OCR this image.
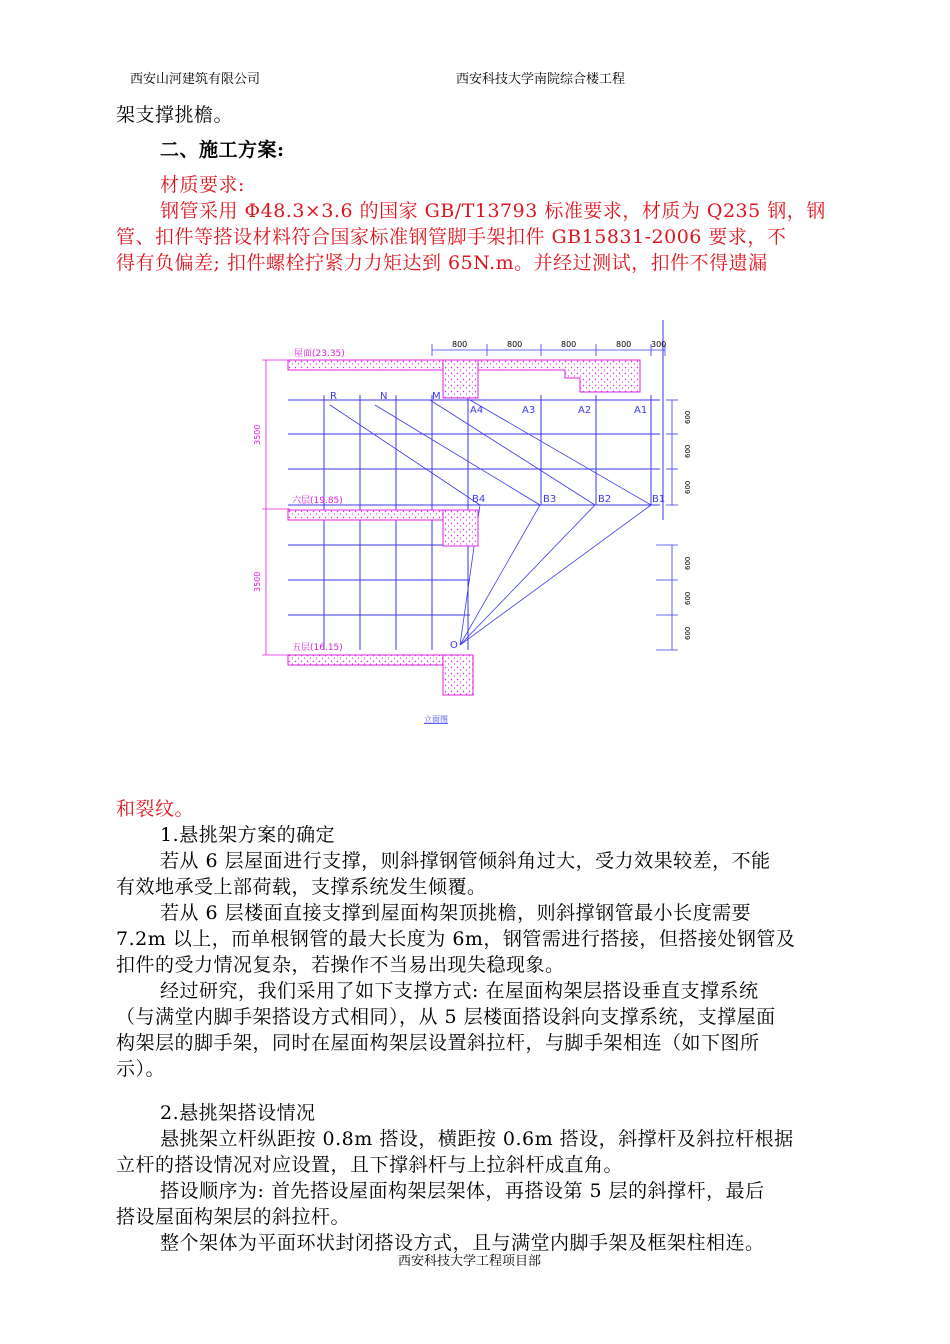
西安山河建筑有限公司	西安科技大学南院综合楼工程
架支撑挑檐。
二、施工方案:
材质要求:
钢管采用 Φ48.3×3.6 的国家 GB/T13793 标准要求，材质为 Q235 钢，钢
管、扣件等搭设材料符合国家标准钢管脚手架扣件 GB15831-2006 要求，不
得有负偏差; 扣件螺栓拧紧力力矩达到 65N.m。并经过测试，扣件不得遗漏
屋面(23.35)
六层(19.85)
五层(16.15)
3500
3500
800	800	800	800 300
600
600
600
600
600
600
R	N	M
A4	A3	A2	A1
B4	B3	B2	B1
O
立面图
和裂纹。
1.悬挑架方案的确定
若从 6 层屋面进行支撑，则斜撑钢管倾斜角过大，受力效果较差，不能
有效地承受上部荷载，支撑系统发生倾覆。
若从 6 层楼面直接支撑到屋面构架顶挑檐，则斜撑钢管最小长度需要
7.2m 以上，而单根钢管的最大长度为 6m，钢管需进行搭接，但搭接处钢管及
扣件的受力情况复杂，若操作不当易出现失稳现象。
经过研究，我们采用了如下支撑方式: 在屋面构架层搭设垂直支撑系统
（与满堂内脚手架搭设方式相同），从 5 层楼面搭设斜向支撑系统，支撑屋面
构架层的脚手架，同时在屋面构架层设置斜拉杆，与脚手架相连（如下图所
示）。
2.悬挑架搭设情况
悬挑架立杆纵距按 0.8m 搭设，横距按 0.6m 搭设，斜撑杆及斜拉杆根据
立杆的搭设情况对应设置，且下撑斜杆与上拉斜杆成直角。
搭设顺序为: 首先搭设屋面构架层架体，再搭设第 5 层的斜撑杆，最后
搭设屋面构架层的斜拉杆。
整个架体为平面环状封闭搭设方式，且与满堂内脚手架及框架柱相连。
西安科技大学工程项目部
